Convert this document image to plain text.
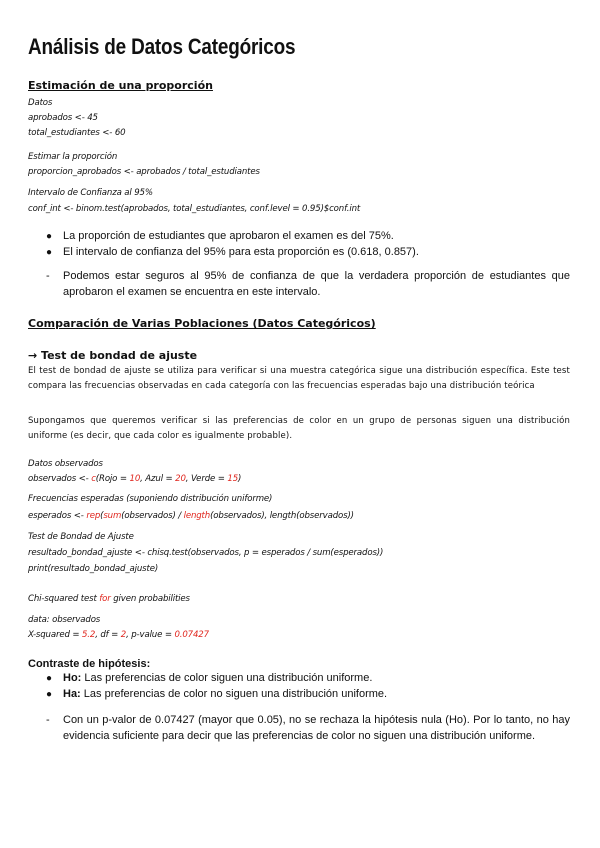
Análisis de Datos Categóricos
Estimación de una proporción
Datos
aprobados <- 45
total_estudiantes <- 60
Estimar la proporción
proporcion_aprobados <- aprobados / total_estudiantes
Intervalo de Confianza al 95%
conf_int <- binom.test(aprobados, total_estudiantes, conf.level = 0.95)$conf.int
● La proporción de estudiantes que aprobaron el examen es del 75%.
● El intervalo de confianza del 95% para esta proporción es (0.618, 0.857).
- Podemos estar seguros al 95% de confianza de que la verdadera proporción de estudiantes que aprobaron el examen se encuentra en este intervalo.
Comparación de Varias Poblaciones (Datos Categóricos)
→ Test de bondad de ajuste
El test de bondad de ajuste se utiliza para verificar si una muestra categórica sigue una distribución específica. Este test compara las frecuencias observadas en cada categoría con las frecuencias esperadas bajo una distribución teórica
Supongamos que queremos verificar si las preferencias de color en un grupo de personas siguen una distribución uniforme (es decir, que cada color es igualmente probable).
Datos observados
observados <- c(Rojo = 10, Azul = 20, Verde = 15)
Frecuencias esperadas (suponiendo distribución uniforme)
esperados <- rep(sum(observados) / length(observados), length(observados))
Test de Bondad de Ajuste
resultado_bondad_ajuste <- chisq.test(observados, p = esperados / sum(esperados))
print(resultado_bondad_ajuste)
Chi-squared test for given probabilities
data: observados
X-squared = 5.2, df = 2, p-value = 0.07427
Contraste de hipótesis:
● Ho: Las preferencias de color siguen una distribución uniforme.
● Ha: Las preferencias de color no siguen una distribución uniforme.
- Con un p-valor de 0.07427 (mayor que 0.05), no se rechaza la hipótesis nula (Ho). Por lo tanto, no hay evidencia suficiente para decir que las preferencias de color no siguen una distribución uniforme.
